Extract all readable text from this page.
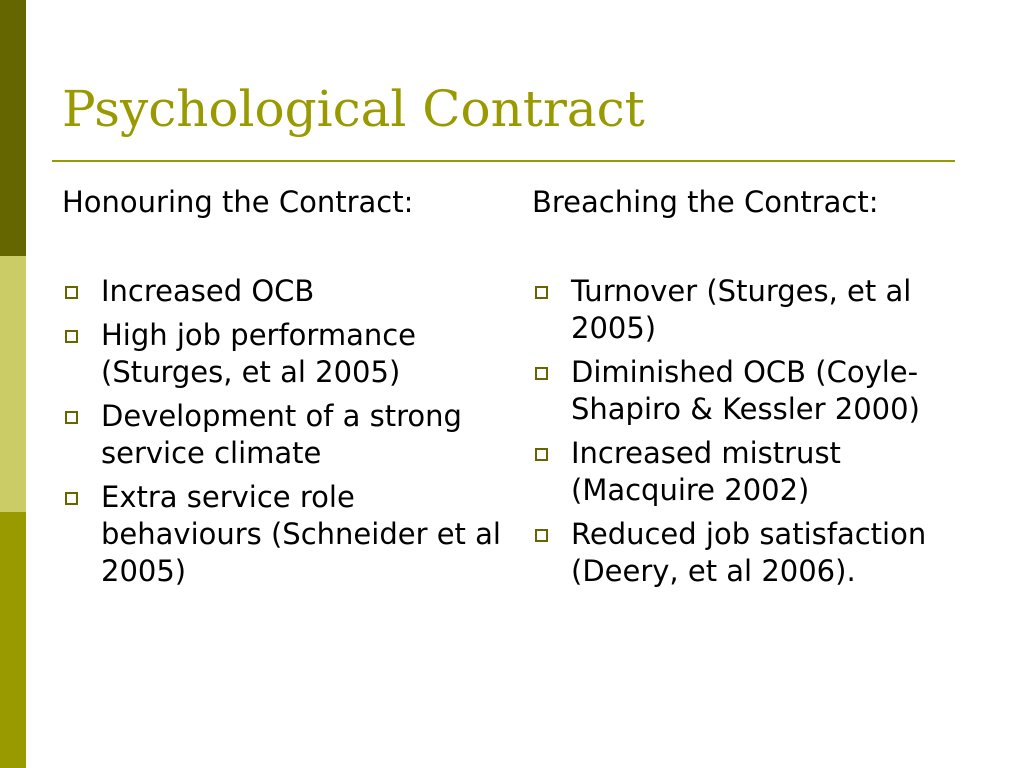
Psychological Contract
Honouring the Contract:
Increased OCB
High job performance (Sturges, et al 2005)
Development of a strong service climate
Extra service role behaviours (Schneider et al 2005)
Breaching the Contract:
Turnover (Sturges, et al 2005)
Diminished OCB (Coyle-Shapiro & Kessler 2000)
Increased mistrust (Macquire 2002)
Reduced job satisfaction (Deery, et al 2006).
